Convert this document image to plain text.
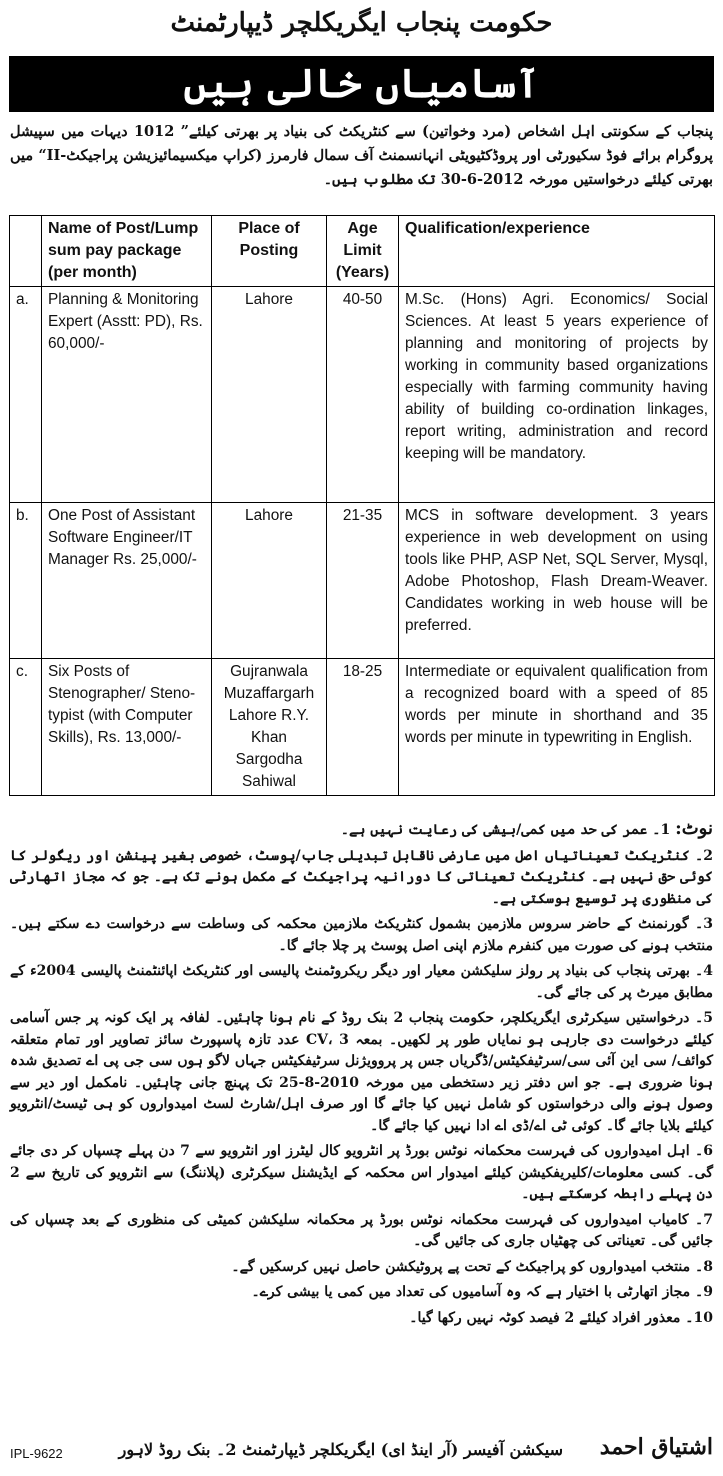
حکومت پنجاب ایگریکلچر ڈیپارٹمنٹ
آسامیاں خالی ہیں
پنجاب کے سکونتی اہل اشخاص (مرد وخواتین) سے کنٹریکٹ کی بنیاد پر بھرتی کیلئے” 1012 دیہات میں سپیشل پروگرام برائے فوڈ سکیورٹی اور پروڈکٹیویٹی انہانسمنٹ آف سمال فارمرز (کراپ میکسیمائیزیشن پراجیکٹ-II“ میں بھرتی کیلئے درخواستیں مورخہ 2012-6-30 تک مطلوب ہیں۔
	Name of Post/Lump sum pay package (per month)	Place of Posting	Age Limit (Years)	Qualification/experience
a.	Planning & Monitoring Expert (Asstt: PD), Rs. 60,000/-	Lahore	40-50	M.Sc. (Hons) Agri. Economics/ Social Sciences. At least 5 years experience of planning and monitoring of projects by working in community based organizations especially with farming community having ability of building co-ordination linkages, report writing, administration and record keeping will be mandatory.
b.	One Post of Assistant Software Engineer/IT Manager Rs. 25,000/-	Lahore	21-35	MCS in software development. 3 years experience in web development on using tools like PHP, ASP Net, SQL Server, Mysql, Adobe Photoshop, Flash Dream-Weaver. Candidates working in web house will be preferred.
c.	Six Posts of Stenographer/ Steno-typist (with Computer Skills), Rs. 13,000/-	Gujranwala Muzaffargarh Lahore R.Y. Khan Sargodha Sahiwal	18-25	Intermediate or equivalent qualification from a recognized board with a speed of 85 words per minute in shorthand and 35 words per minute in typewriting in English.
نوٹ: 1۔ عمر کی حد میں کمی/بیشی کی رعایت نہیں ہے۔
2۔ کنٹریکٹ تعیناتیاں اصل میں عارضی ناقابل تبدیلی جاب/پوسٹ، خصوصی بغیر پینشن اور ریگولر کا کوئی حق نہیں ہے۔ کنٹریکٹ تعیناتی کا دورانیہ پراجیکٹ کے مکمل ہونے تک ہے۔ جو کہ مجاز اتھارٹی کی منظوری پر توسیع ہوسکتی ہے۔
3۔ گورنمنٹ کے حاضر سروس ملازمین بشمول کنٹریکٹ ملازمین محکمہ کی وساطت سے درخواست دے سکتے ہیں۔ منتخب ہونے کی صورت میں کنفرم ملازم اپنی اصل پوسٹ پر چلا جائے گا۔
4۔ بھرتی پنجاب کی بنیاد پر رولز سلیکشن معیار اور دیگر ریکروٹمنٹ پالیسی اور کنٹریکٹ اپائنٹمنٹ پالیسی 2004ء کے مطابق میرٹ پر کی جائے گی۔
5۔ درخواستیں سیکرٹری ایگریکلچر، حکومت پنجاب 2 بنک روڈ کے نام ہونا چاہئیں۔ لفافہ پر ایک کونہ پر جس آسامی کیلئے درخواست دی جارہی ہو نمایاں طور پر لکھیں۔ بمعہ CV، 3 عدد تازہ پاسپورٹ سائز تصاویر اور تمام متعلقہ کوائف/ سی این آئی سی/سرٹیفکیٹس/ڈگریاں جس پر پروویژنل سرٹیفکیٹس جہاں لاگو ہوں سی جی پی اے تصدیق شدہ ہونا ضروری ہے۔ جو اس دفتر زیر دستخطی میں مورخہ 2010-8-25 تک پہنچ جانی چاہئیں۔ نامکمل اور دیر سے وصول ہونے والی درخواستوں کو شامل نہیں کیا جائے گا اور صرف اہل/شارٹ لسٹ امیدواروں کو ہی ٹیسٹ/انٹرویو کیلئے بلایا جائے گا۔ کوئی ٹی اے/ڈی اے ادا نہیں کیا جائے گا۔
6۔ اہل امیدواروں کی فہرست محکمانہ نوٹس بورڈ پر انٹرویو کال لیٹرز اور انٹرویو سے 7 دن پہلے چسپاں کر دی جائے گی۔ کسی معلومات/کلیریفکیشن کیلئے امیدوار اس محکمہ کے ایڈیشنل سیکرٹری (پلاننگ) سے انٹرویو کی تاریخ سے 2 دن پہلے رابطہ کرسکتے ہیں۔
7۔ کامیاب امیدواروں کی فہرست محکمانہ نوٹس بورڈ پر محکمانہ سلیکشن کمیٹی کی منظوری کے بعد چسپاں کی جائیں گی۔ تعیناتی کی چھٹیاں جاری کی جائیں گی۔
8۔ منتخب امیدواروں کو پراجیکٹ کے تحت پے پروٹیکشن حاصل نہیں کرسکیں گے۔
9۔ مجاز اتھارٹی با اختیار ہے کہ وہ آسامیوں کی تعداد میں کمی یا بیشی کرے۔
10۔ معذور افراد کیلئے 2 فیصد کوٹہ نہیں رکھا گیا۔
اشتیاق احمد
سیکشن آفیسر (آر اینڈ ای) ایگریکلچر ڈیپارٹمنٹ 2۔ بنک روڈ لاہور
IPL-9622
